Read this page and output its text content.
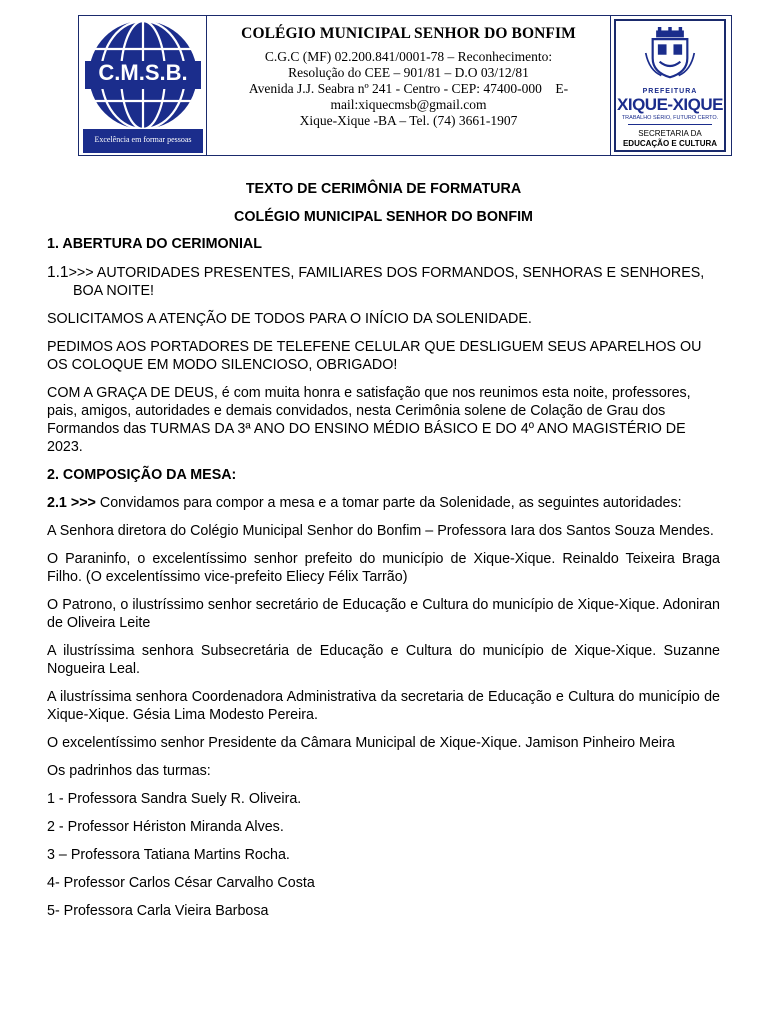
C.M.S.B.
Excelência em formar pessoas
COLÉGIO MUNICIPAL SENHOR DO BONFIM
C.G.C (MF) 02.200.841/0001-78 – Reconhecimento:
Resolução do CEE – 901/81 – D.O 03/12/81
Avenida J.J. Seabra nº 241 - Centro - CEP: 47400-000    E-
mail:xiquecmsb@gmail.com
Xique-Xique -BA – Tel. (74) 3661-1907
PREFEITURA
XIQUE-XIQUE
TRABALHO SÉRIO, FUTURO CERTO.
SECRETARIA DA
EDUCAÇÃO E CULTURA

TEXTO DE CERIMÔNIA DE FORMATURA

COLÉGIO MUNICIPAL SENHOR DO BONFIM

1. ABERTURA DO CERIMONIAL

1.1>>> AUTORIDADES PRESENTES, FAMILIARES DOS FORMANDOS, SENHORAS E SENHORES, BOA NOITE!

SOLICITAMOS A ATENÇÃO DE TODOS PARA O INÍCIO DA SOLENIDADE.

PEDIMOS AOS PORTADORES DE TELEFENE CELULAR QUE DESLIGUEM SEUS APARELHOS OU OS COLOQUE EM MODO SILENCIOSO, OBRIGADO!

COM A GRAÇA DE DEUS, é com muita honra e satisfação que nos reunimos esta noite, professores, pais, amigos, autoridades e demais convidados, nesta Cerimônia solene de Colação de Grau dos Formandos das TURMAS DA 3ª ANO DO ENSINO MÉDIO BÁSICO E DO 4º ANO MAGISTÉRIO DE 2023.

2. COMPOSIÇÃO DA MESA:

2.1 >>> Convidamos para compor a mesa e a tomar parte da Solenidade, as seguintes autoridades:

A Senhora diretora do Colégio Municipal Senhor do Bonfim – Professora Iara dos Santos Souza Mendes.

O Paraninfo, o excelentíssimo senhor prefeito do município de Xique-Xique. Reinaldo Teixeira Braga Filho. (O excelentíssimo vice-prefeito Eliecy Félix Tarrão)

O Patrono, o ilustríssimo senhor secretário de Educação e Cultura do município de Xique-Xique. Adoniran de Oliveira Leite

A ilustríssima senhora Subsecretária de Educação e Cultura do município de Xique-Xique. Suzanne Nogueira Leal.

A ilustríssima senhora Coordenadora Administrativa da secretaria de Educação e Cultura do município de Xique-Xique. Gésia Lima Modesto Pereira.

O excelentíssimo senhor Presidente da Câmara Municipal de Xique-Xique. Jamison Pinheiro Meira

Os padrinhos das turmas:

1 - Professora Sandra Suely R. Oliveira.

2 - Professor Hériston Miranda Alves.

3 – Professora Tatiana Martins Rocha.

4- Professor Carlos César Carvalho Costa

5- Professora Carla Vieira Barbosa
